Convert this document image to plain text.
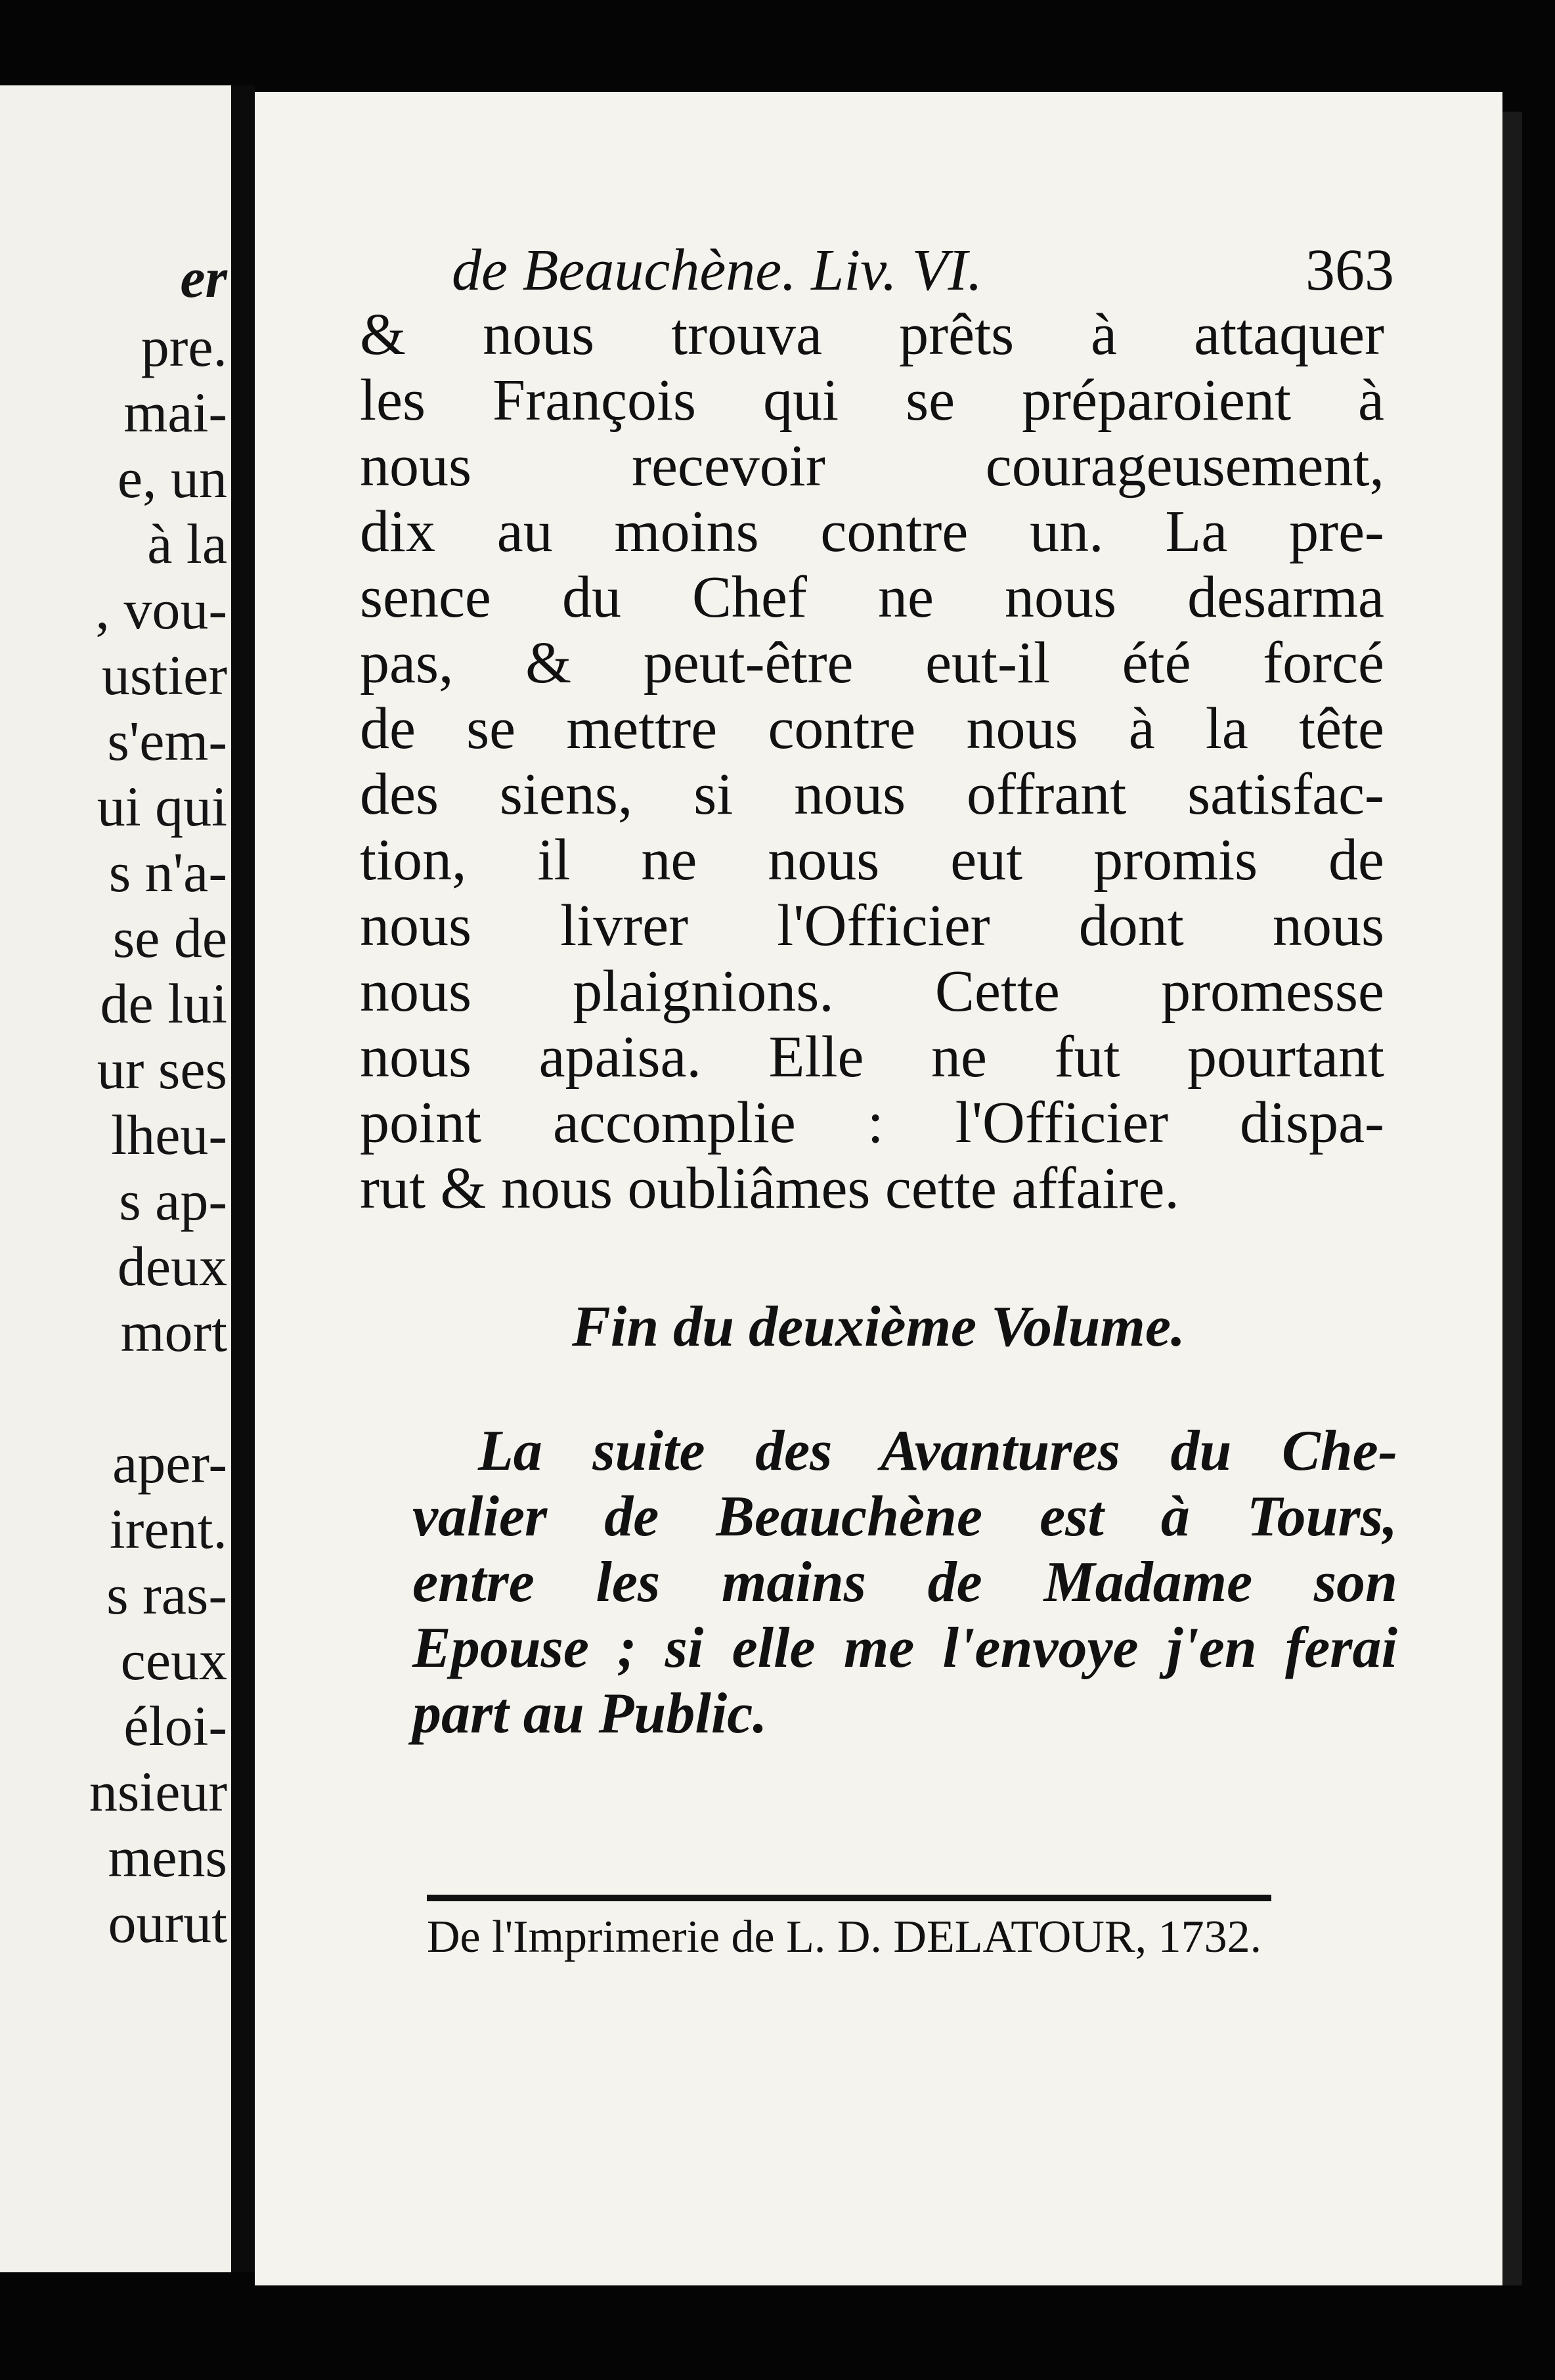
er
pre.
mai-
e, un
à la
, vou-
ustier
s'em-
ui qui
s n'a-
se de
de lui
ur ses
lheu-
s ap-
deux
mort

aper-
irent.
s ras-
ceux
éloi-
nsieur
mens
ourut
de Beauchène. Liv. VI.	363
& nous trouva prêts à attaquer
les François qui se préparoient à
nous recevoir courageusement,
dix au moins contre un. La pre-
sence du Chef ne nous desarma
pas, & peut-être eut-il été forcé
de se mettre contre nous à la tête
des siens, si nous offrant satisfac-
tion, il ne nous eut promis de
nous livrer l'Officier dont nous
nous plaignions. Cette promesse
nous apaisa. Elle ne fut pourtant
point accomplie : l'Officier dispa-
rut & nous oubliâmes cette affaire.
Fin du deuxième Volume.
La suite des Avantures du Che-
valier de Beauchène est à Tours,
entre les mains de Madame son
Epouse ; si elle me l'envoye j'en ferai
part au Public.
De l'Imprimerie de L. D. DELATOUR, 1732.
